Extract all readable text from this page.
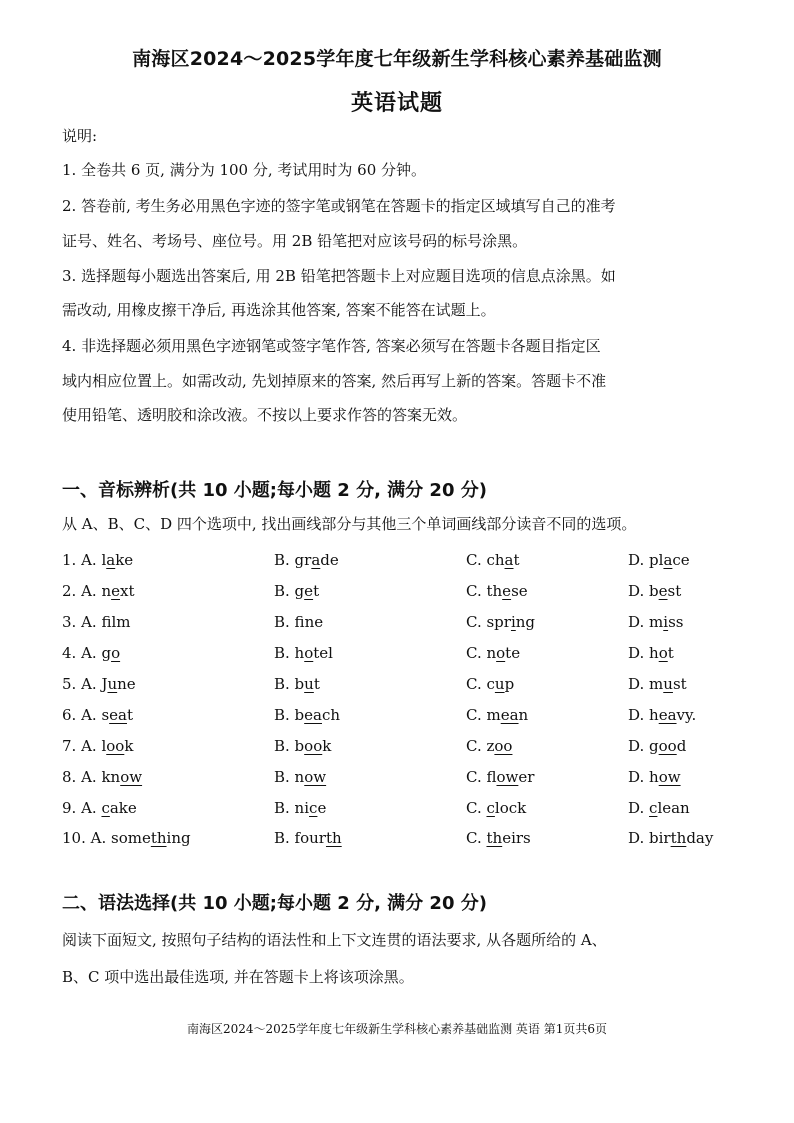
南海区2024～2025学年度七年级新生学科核心素养基础监测
英语试题
说明:
1. 全卷共 6 页, 满分为 100 分, 考试用时为 60 分钟。
2. 答卷前, 考生务必用黑色字迹的签字笔或钢笔在答题卡的指定区域填写自己的准考
证号、姓名、考场号、座位号。用 2B 铅笔把对应该号码的标号涂黑。
3. 选择题每小题选出答案后, 用 2B 铅笔把答题卡上对应题目选项的信息点涂黑。如
需改动, 用橡皮擦干净后, 再选涂其他答案, 答案不能答在试题上。
4. 非选择题必须用黑色字迹钢笔或签字笔作答, 答案必须写在答题卡各题目指定区
域内相应位置上。如需改动, 先划掉原来的答案, 然后再写上新的答案。答题卡不准
使用铅笔、透明胶和涂改液。不按以上要求作答的答案无效。
一、音标辨析(共 10 小题;每小题 2 分, 满分 20 分)
从 A、B、C、D 四个选项中, 找出画线部分与其他三个单词画线部分读音不同的选项。
1. A. lake	B. grade	C. chat	D. place
2. A. next	B. get	C. these	D. best
3. A. flm	B. fne	C. spring	D. miss
4. A. go	B. hotel	C. note	D. hot
5. A. June	B. but	C. cup	D. must
6. A. seat	B. beach	C. mean	D. heavy.
7. A. look	B. book	C. zoo	D. good
8. A. know	B. now	C. flower	D. how
9. A. cake	B. nice	C. clock	D. clean
10. A. something	B. fourth	C. theirs	D. birthday
二、语法选择(共 10 小题;每小题 2 分, 满分 20 分)
阅读下面短文, 按照句子结构的语法性和上下文连贯的语法要求, 从各题所给的 A、
B、C 项中选出最佳选项, 并在答题卡上将该项涂黑。
南海区2024～2025学年度七年级新生学科核心素养基础监测 英语 第1页共6页
